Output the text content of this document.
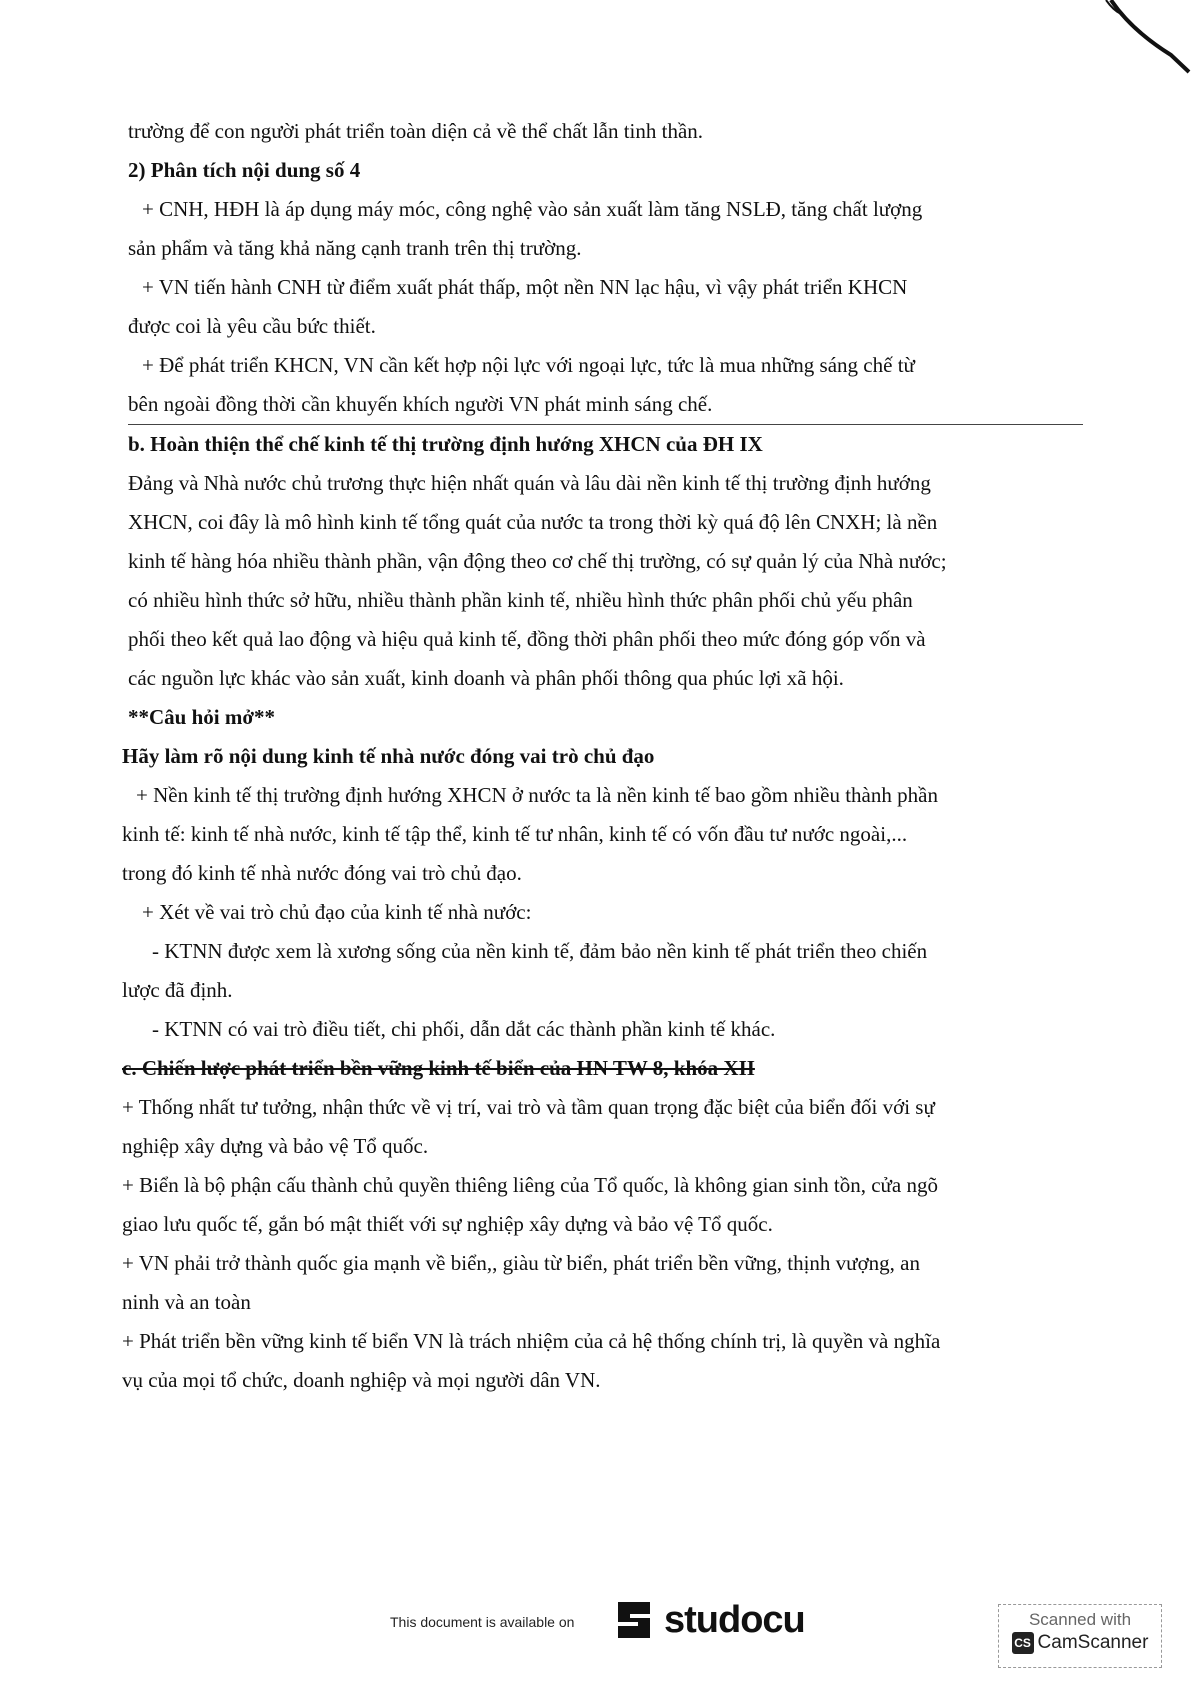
trường để con người phát triển toàn diện cả về thể chất lẫn tinh thần.

2) Phân tích nội dung số 4

+ CNH, HĐH là áp dụng máy móc, công nghệ vào sản xuất làm tăng NSLĐ, tăng chất lượng

sản phẩm và tăng khả năng cạnh tranh trên thị trường.

+ VN tiến hành CNH từ điểm xuất phát thấp, một nền NN lạc hậu, vì vậy phát triển KHCN

được coi là yêu cầu bức thiết.

+ Để phát triển KHCN, VN cần kết hợp nội lực với ngoại lực, tức là mua những sáng chế từ

bên ngoài đồng thời cần khuyến khích người VN phát minh sáng chế.

b. Hoàn thiện thể chế kinh tế thị trường định hướng XHCN của ĐH IX

Đảng và Nhà nước chủ trương thực hiện nhất quán và lâu dài nền kinh tế thị trường định hướng

XHCN, coi đây là mô hình kinh tế tổng quát của nước ta trong thời kỳ quá độ lên CNXH; là nền

kinh tế hàng hóa nhiều thành phần, vận động theo cơ chế thị trường, có sự quản lý của Nhà nước;

có nhiều hình thức sở hữu, nhiều thành phần kinh tế, nhiều hình thức phân phối chủ yếu phân

phối theo kết quả lao động và hiệu quả kinh tế, đồng thời phân phối theo mức đóng góp vốn và

các nguồn lực khác vào sản xuất, kinh doanh và phân phối thông qua phúc lợi xã hội.

**Câu hỏi mở**

Hãy làm rõ nội dung kinh tế nhà nước đóng vai trò chủ đạo

+ Nền kinh tế thị trường định hướng XHCN ở nước ta là nền kinh tế bao gồm nhiều thành phần

kinh tế: kinh tế nhà nước, kinh tế tập thể, kinh tế tư nhân, kinh tế có vốn đầu tư nước ngoài,...

trong đó kinh tế nhà nước đóng vai trò chủ đạo.

+ Xét về vai trò chủ đạo của kinh tế nhà nước:

- KTNN được xem là xương sống của nền kinh tế, đảm bảo nền kinh tế phát triển theo chiến

lược đã định.

- KTNN có vai trò điều tiết, chi phối, dẫn dắt các thành phần kinh tế khác.

c. Chiến lược phát triển bền vững kinh tế biển của HN TW 8, khóa XII

+ Thống nhất tư tưởng, nhận thức về vị trí, vai trò và tầm quan trọng đặc biệt của biển đối với sự

nghiệp xây dựng và bảo vệ Tổ quốc.

+ Biển là bộ phận cấu thành chủ quyền thiêng liêng của Tổ quốc, là không gian sinh tồn, cửa ngõ

giao lưu quốc tế, gắn bó mật thiết với sự nghiệp xây dựng và bảo vệ Tổ quốc.

+ VN phải trở thành quốc gia mạnh về biển,, giàu từ biển, phát triển bền vững, thịnh vượng, an

ninh và an toàn

+ Phát triển bền vững kinh tế biển VN là trách nhiệm của cả hệ thống chính trị, là quyền và nghĩa

vụ của mọi tổ chức, doanh nghiệp và mọi người dân VN.

This document is available on studocu	Scanned with
CS CamScanner
